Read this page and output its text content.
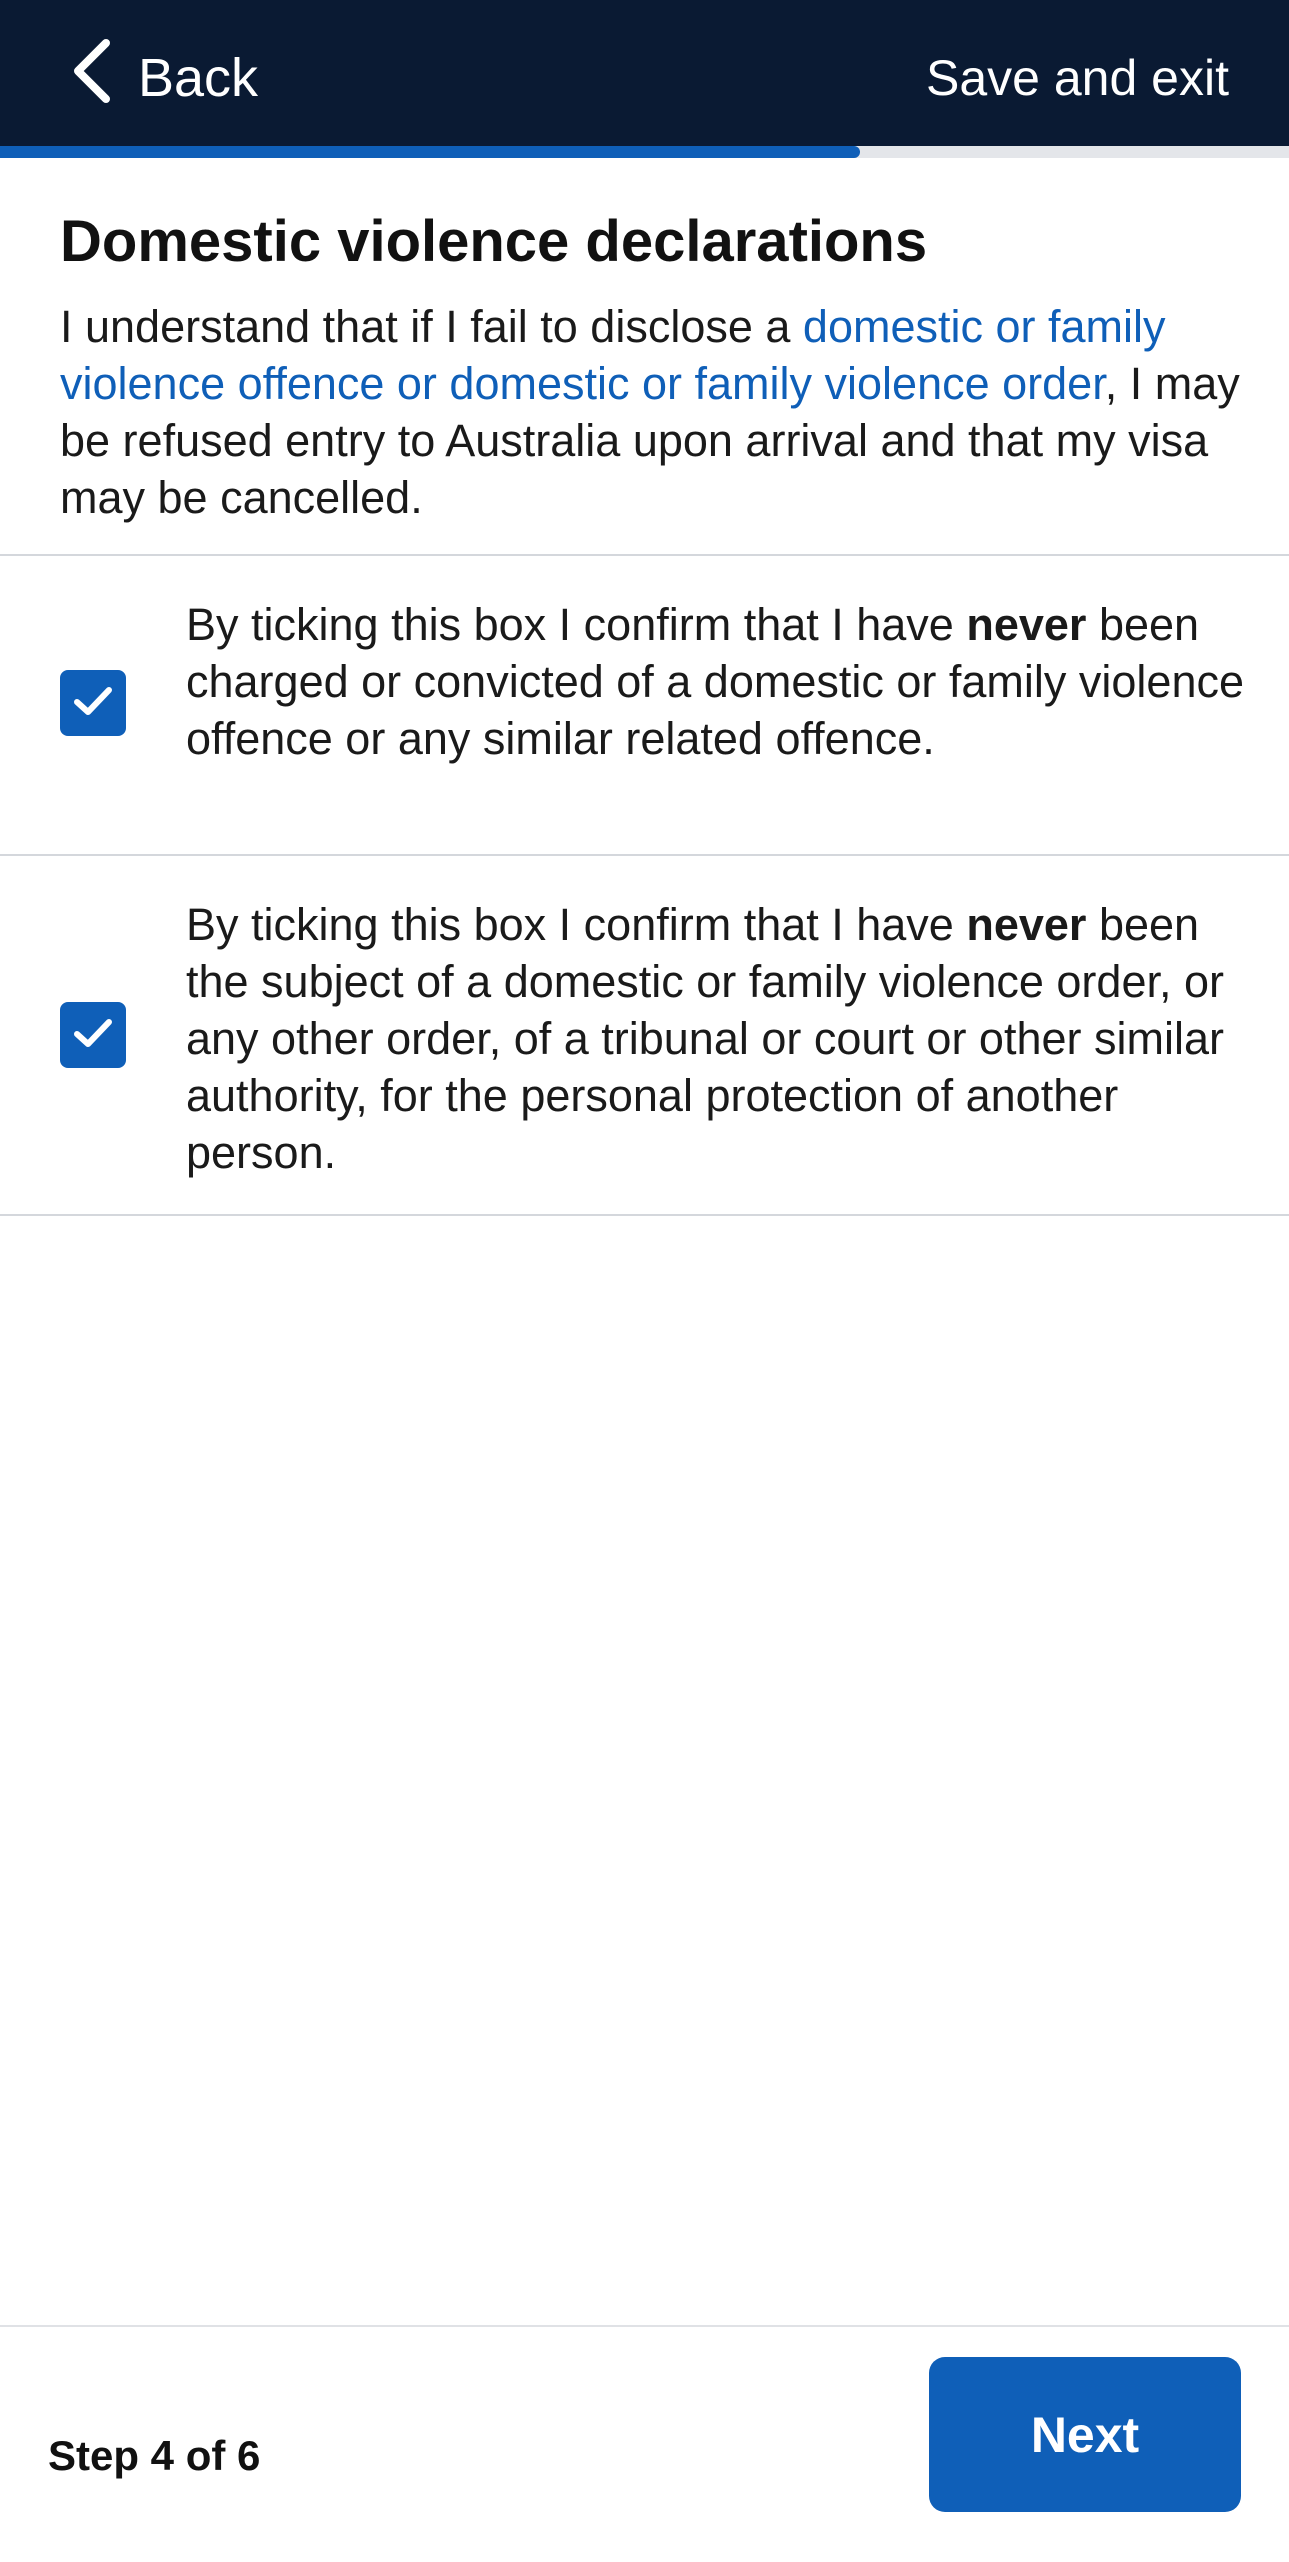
Back	Save and exit
Domestic violence declarations
I understand that if I fail to disclose a domestic or family violence offence or domestic or family violence order, I may be refused entry to Australia upon arrival and that my visa may be cancelled.
By ticking this box I confirm that I have never been charged or convicted of a domestic or family violence offence or any similar related offence.
By ticking this box I confirm that I have never been the subject of a domestic or family violence order, or any other order, of a tribunal or court or other similar authority, for the personal protection of another person.
Step 4 of 6	Next
